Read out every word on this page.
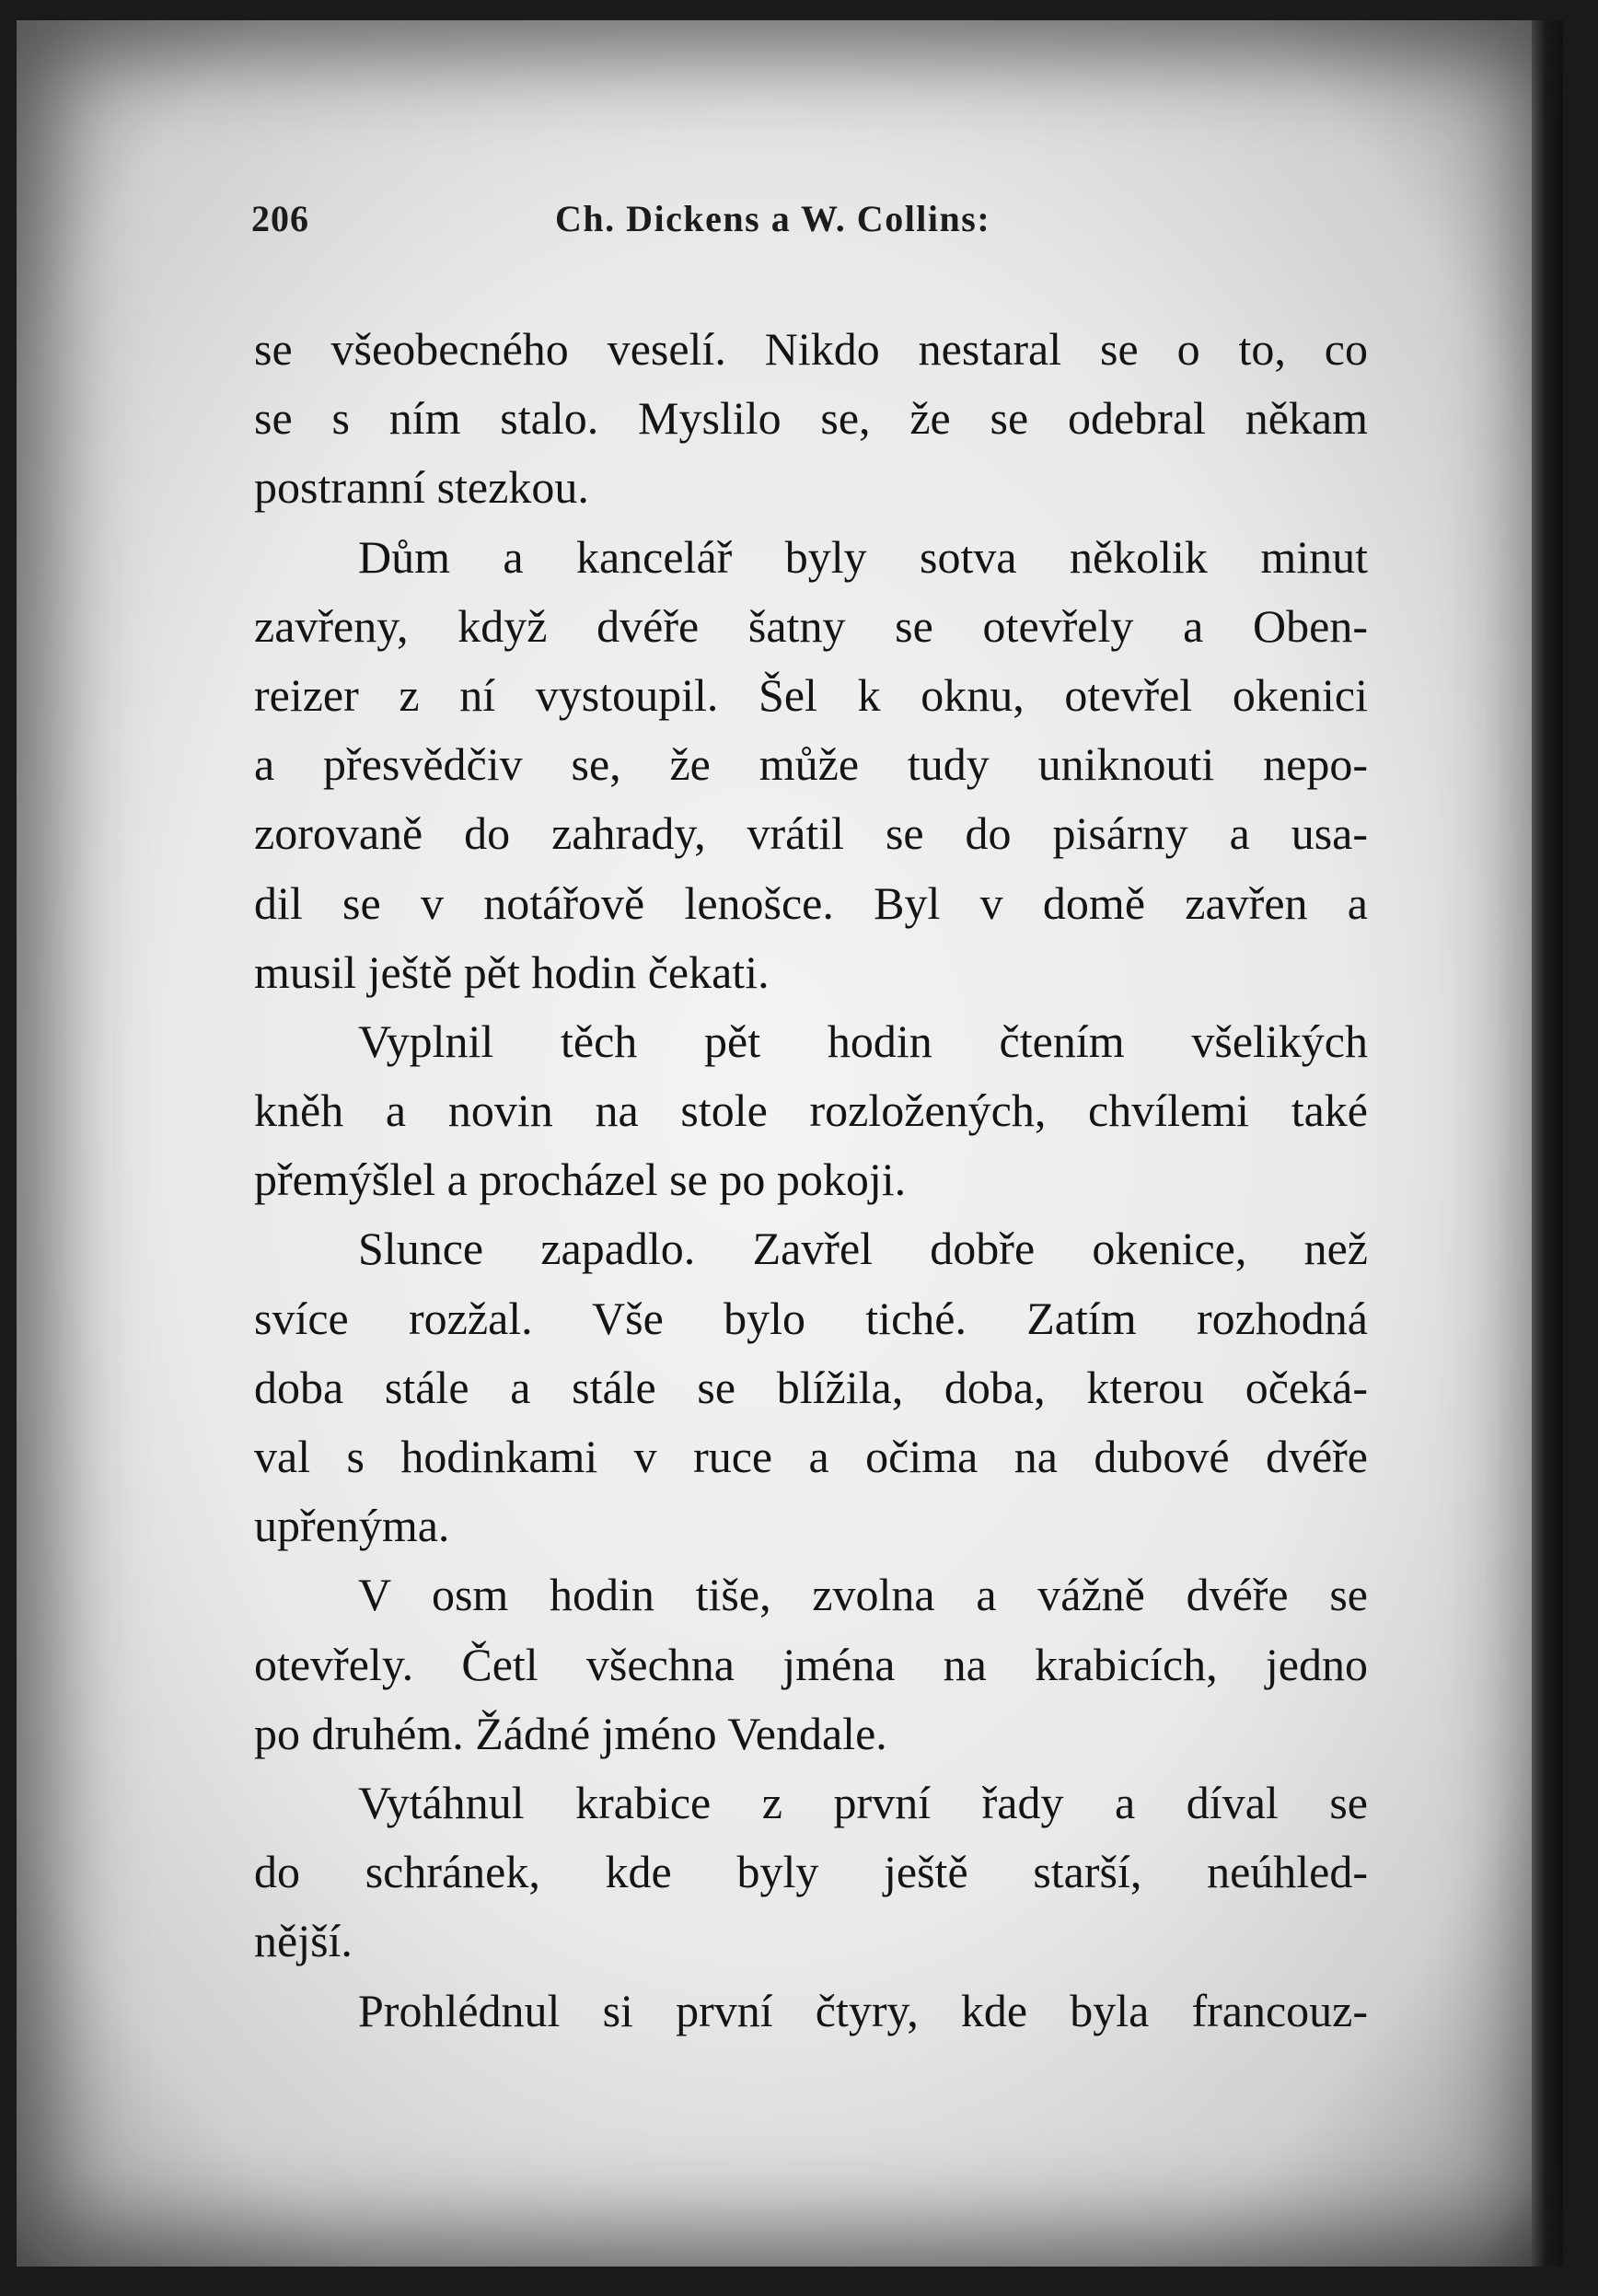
206	Ch. Dickens a W. Collins:
se všeobecného veselí. Nikdo nestaral se o to, co
se s ním stalo. Myslilo se, že se odebral někam
postranní stezkou.
Dům a kancelář byly sotva několik minut
zavřeny, když dvéře šatny se otevřely a Oben-
reizer z ní vystoupil. Šel k oknu, otevřel okenici
a přesvědčiv se, že může tudy uniknouti nepo-
zorovaně do zahrady, vrátil se do pisárny a usa-
dil se v notářově lenošce. Byl v domě zavřen a
musil ještě pět hodin čekati.
Vyplnil těch pět hodin čtením všelikých
kněh a novin na stole rozložených, chvílemi také
přemýšlel a procházel se po pokoji.
Slunce zapadlo. Zavřel dobře okenice, než
svíce rozžal. Vše bylo tiché. Zatím rozhodná
doba stále a stále se blížila, doba, kterou očeká-
val s hodinkami v ruce a očima na dubové dvéře
upřenýma.
V osm hodin tiše, zvolna a vážně dvéře se
otevřely. Četl všechna jména na krabicích, jedno
po druhém. Žádné jméno Vendale.
Vytáhnul krabice z první řady a díval se
do schránek, kde byly ještě starší, neúhled-
nější.
Prohlédnul si první čtyry, kde byla francouz-
